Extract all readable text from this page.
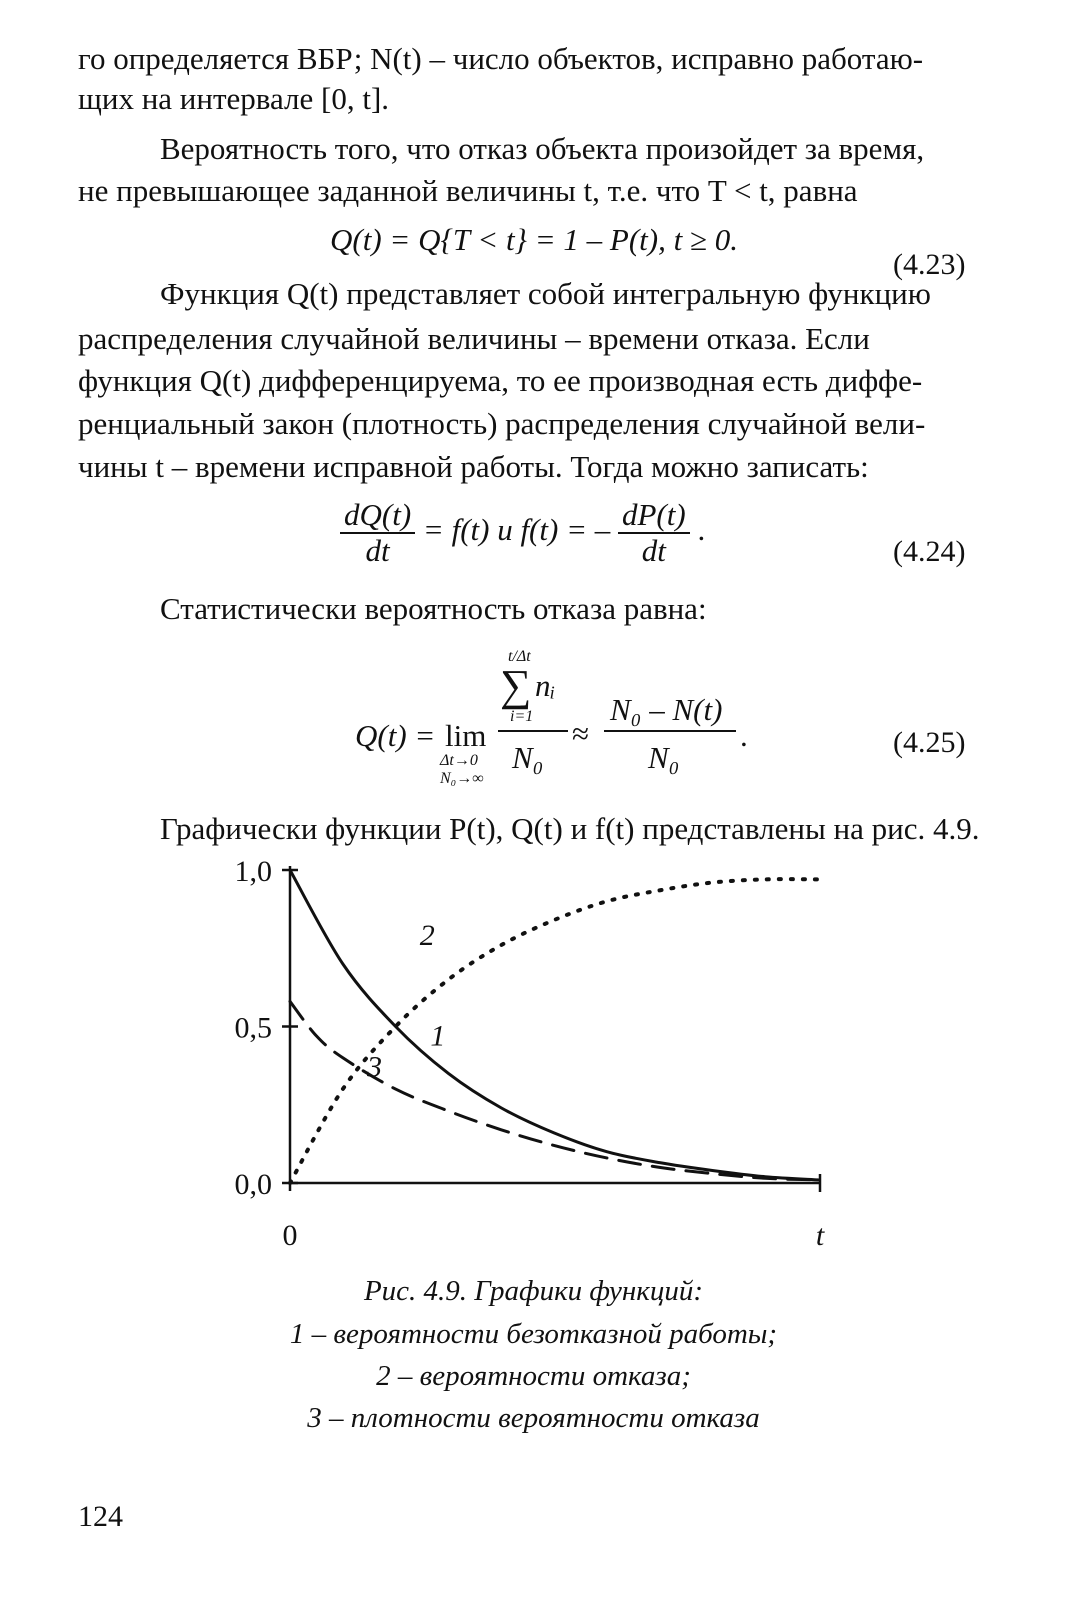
го определяется ВБР; N(t) – число объектов, исправно работаю-
щих на интервале [0, t].
Вероятность того, что отказ объекта произойдет за время,
не превышающее заданной величины t, т.е. что T < t, равна
Q(t) = Q{T < t} = 1 – P(t), t ≥ 0.
(4.23)
Функция Q(t) представляет собой интегральную функцию
распределения случайной величины – времени отказа. Если
функция Q(t) дифференцируема, то ее производная есть диффе-
ренциальный закон (плотность) распределения случайной вели-
чины t – времени исправной работы. Тогда можно записать:
$\frac{dQ(t)}{dt} = f(t)$ и f(t) = – $\frac{dP(t)}{dt}$ .
(4.24)
Статистически вероятность отказа равна:
Q(t) = lim
Δt→0
N₀→∞
t/Δt
∑ nᵢ
i=1
N₀
≈
N₀ – N(t)
N₀
.	(4.25)
Графически функции P(t), Q(t) и f(t) представлены на рис. 4.9.
0,0
0,5
1,0
0	t
1
2
3
Рис. 4.9. Графики функций:
1 – вероятности безотказной работы;
2 – вероятности отказа;
3 – плотности вероятности отказа
124
